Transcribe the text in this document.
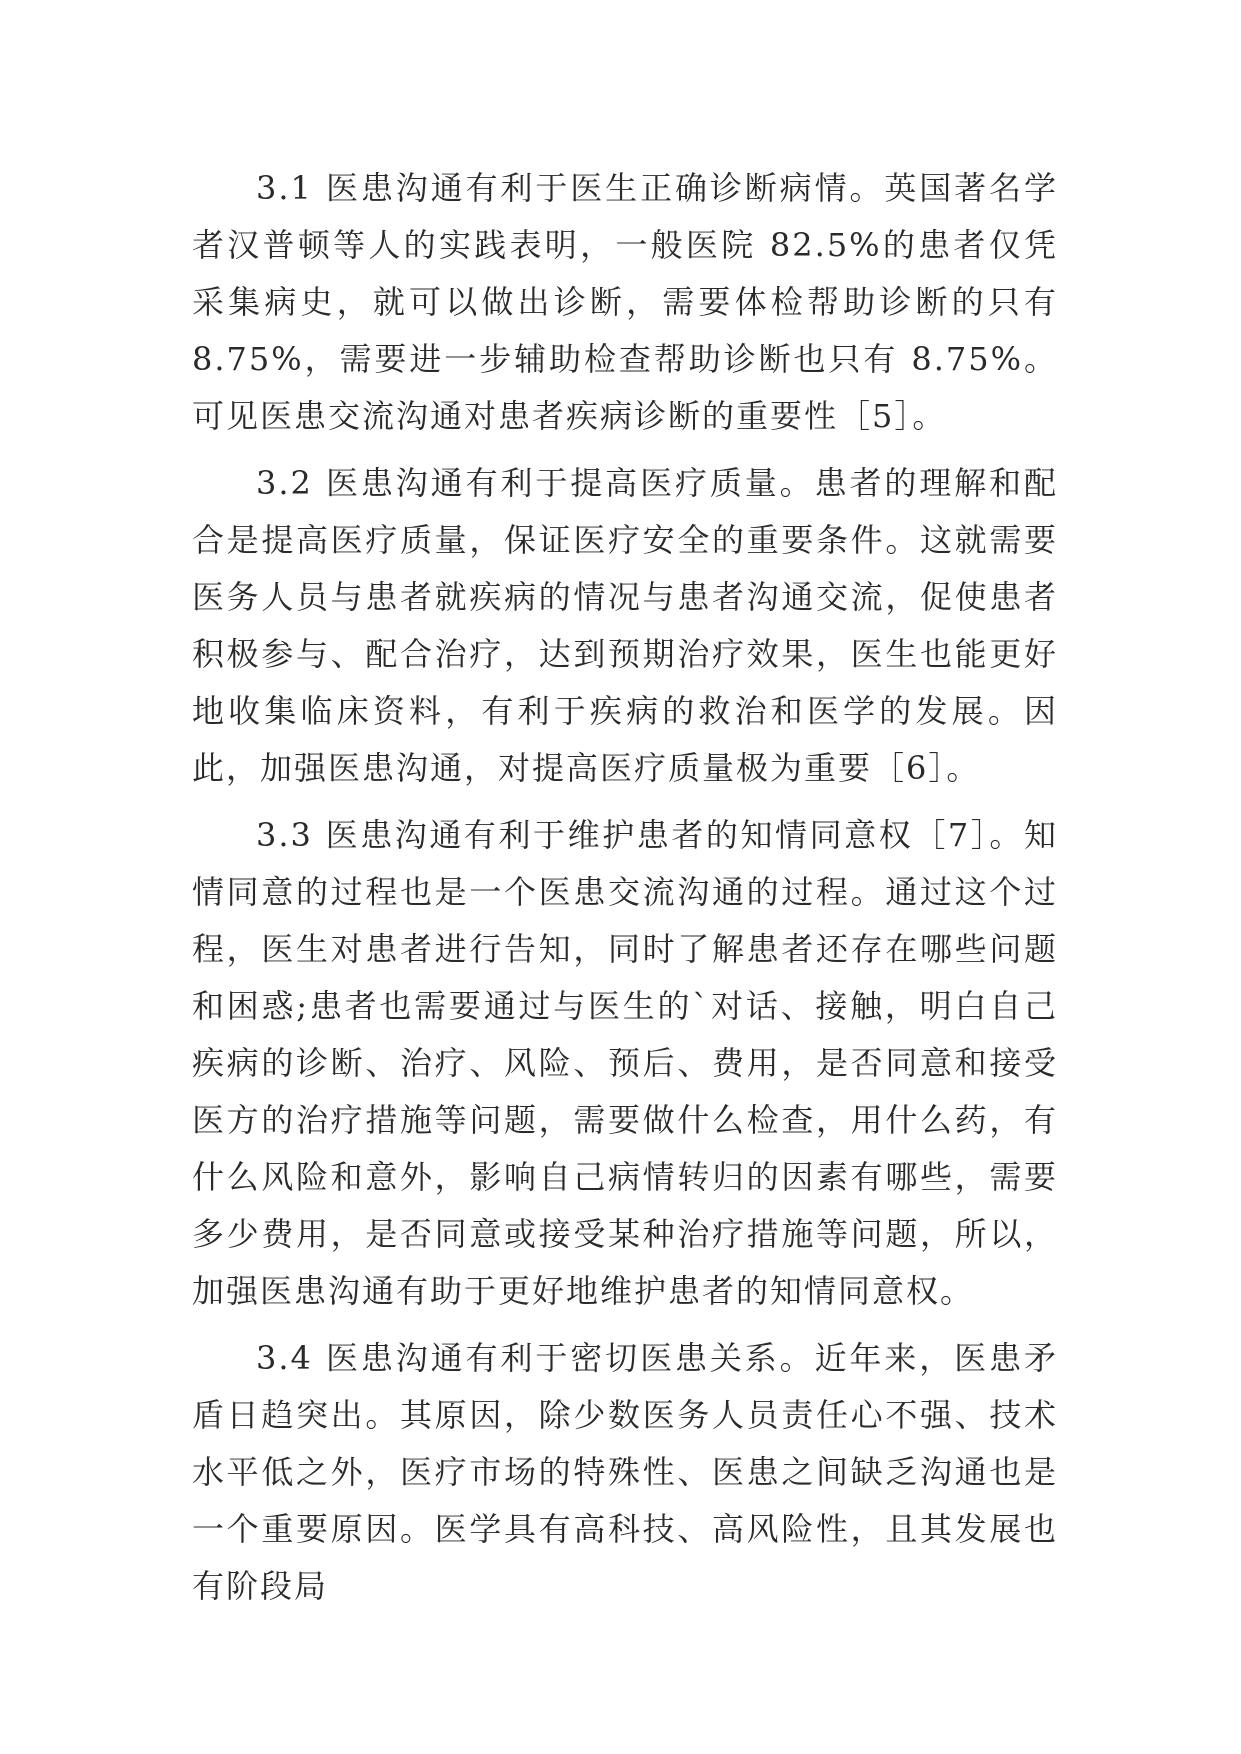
3.1 医患沟通有利于医生正确诊断病情。英国著名学者汉普顿等人的实践表明，一般医院 82.5%的患者仅凭采集病史，就可以做出诊断，需要体检帮助诊断的只有 8.75%，需要进一步辅助检查帮助诊断也只有 8.75%。可见医患交流沟通对患者疾病诊断的重要性［5］。

3.2 医患沟通有利于提高医疗质量。患者的理解和配合是提高医疗质量，保证医疗安全的重要条件。这就需要医务人员与患者就疾病的情况与患者沟通交流，促使患者积极参与、配合治疗，达到预期治疗效果，医生也能更好地收集临床资料，有利于疾病的救治和医学的发展。因此，加强医患沟通，对提高医疗质量极为重要［6］。

3.3 医患沟通有利于维护患者的知情同意权［7］。知情同意的过程也是一个医患交流沟通的过程。通过这个过程，医生对患者进行告知，同时了解患者还存在哪些问题和困惑;患者也需要通过与医生的`对话、接触，明白自己疾病的诊断、治疗、风险、预后、费用，是否同意和接受医方的治疗措施等问题，需要做什么检查，用什么药，有什么风险和意外，影响自己病情转归的因素有哪些，需要多少费用，是否同意或接受某种治疗措施等问题，所以，加强医患沟通有助于更好地维护患者的知情同意权。

3.4 医患沟通有利于密切医患关系。近年来，医患矛盾日趋突出。其原因，除少数医务人员责任心不强、技术水平低之外，医疗市场的特殊性、医患之间缺乏沟通也是一个重要原因。医学具有高科技、高风险性，且其发展也有阶段局
